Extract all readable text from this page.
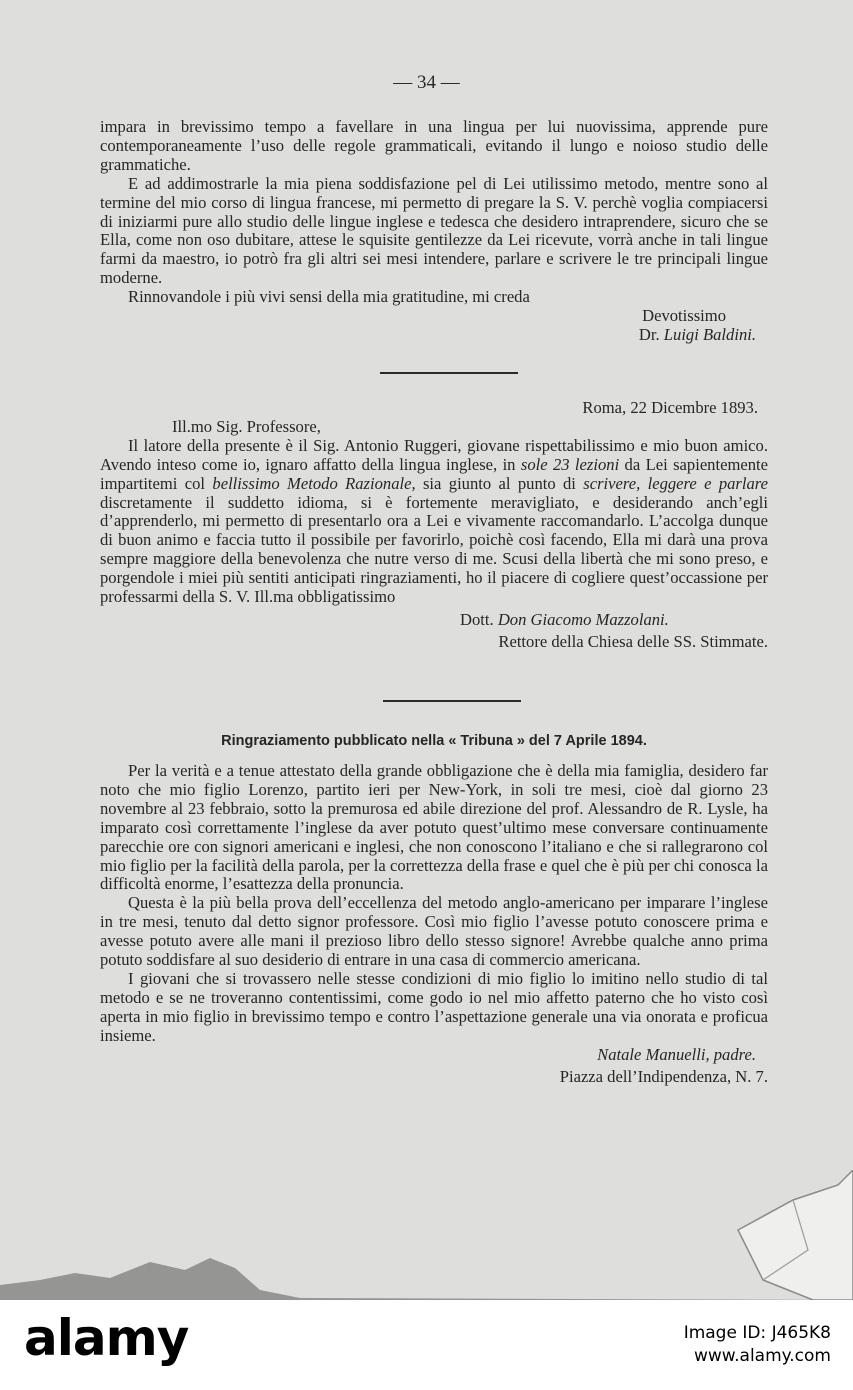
— 34 —

impara in brevissimo tempo a favellare in una lingua per lui nuovissima, apprende pure contemporaneamente l’uso delle regole grammaticali, evitando il lungo e noioso studio delle grammatiche.

E ad addimostrarle la mia piena soddisfazione pel di Lei utilissimo metodo, mentre sono al termine del mio corso di lingua francese, mi permetto di pregare la S. V. perchè voglia compiacersi di iniziarmi pure allo studio delle lingue inglese e tedesca che desidero intraprendere, sicuro che se Ella, come non oso dubitare, attese le squisite gentilezze da Lei ricevute, vorrà anche in tali lingue farmi da maestro, io potrò fra gli altri sei mesi intendere, parlare e scrivere le tre principali lingue moderne.

Rinnovandole i più vivi sensi della mia gratitudine, mi creda

Devotissimo

Dr. Luigi Baldini.

Roma, 22 Dicembre 1893.

Ill.mo Sig. Professore,

Il latore della presente è il Sig. Antonio Ruggeri, giovane rispettabilissimo e mio buon amico. Avendo inteso come io, ignaro affatto della lingua inglese, in sole 23 lezioni da Lei sapientemente impartitemi col bellissimo Metodo Razionale, sia giunto al punto di scrivere, leggere e parlare discretamente il suddetto idioma, si è fortemente meravigliato, e desiderando anch’egli d’apprenderlo, mi permetto di presentarlo ora a Lei e vivamente raccomandarlo. L’accolga dunque di buon animo e faccia tutto il possibile per favorirlo, poichè così facendo, Ella mi darà una prova sempre maggiore della benevolenza che nutre verso di me. Scusi della libertà che mi sono preso, e porgendole i miei più sentiti anticipati ringraziamenti, ho il piacere di cogliere quest’occassione per professarmi della S. V. Ill.ma obbligatissimo

Dott. Don Giacomo Mazzolani.

Rettore della Chiesa delle SS. Stimmate.

Ringraziamento pubblicato nella « Tribuna » del 7 Aprile 1894.

Per la verità e a tenue attestato della grande obbligazione che è della mia famiglia, desidero far noto che mio figlio Lorenzo, partito ieri per New-York, in soli tre mesi, cioè dal giorno 23 novembre al 23 febbraio, sotto la premurosa ed abile direzione del prof. Alessandro de R. Lysle, ha imparato così correttamente l’inglese da aver potuto quest’ultimo mese conversare continuamente parecchie ore con signori americani e inglesi, che non conoscono l’italiano e che si rallegrarono col mio figlio per la facilità della parola, per la correttezza della frase e quel che è più per chi conosca la difficoltà enorme, l’esattezza della pronuncia.

Questa è la più bella prova dell’eccellenza del metodo anglo-americano per imparare l’inglese in tre mesi, tenuto dal detto signor professore. Così mio figlio l’avesse potuto conoscere prima e avesse potuto avere alle mani il prezioso libro dello stesso signore! Avrebbe qualche anno prima potuto soddisfare al suo desiderio di entrare in una casa di commercio americana.

I giovani che si trovassero nelle stesse condizioni di mio figlio lo imitino nello studio di tal metodo e se ne troveranno contentissimi, come godo io nel mio affetto paterno che ho visto così aperta in mio figlio in brevissimo tempo e contro l’aspettazione generale una via onorata e proficua insieme.

Natale Manuelli, padre.

Piazza dell’Indipendenza, N. 7.

alamy	Image ID: J465K8
www.alamy.com
